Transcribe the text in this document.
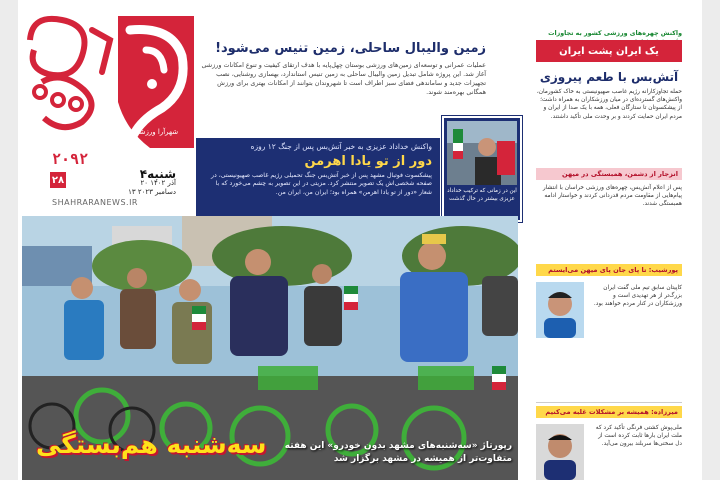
۲۰۹۲
۲۸	۴شنبه
۲۰ آذر ۱۴۰۲
۱۳ دسامبر ۲۰۲۳
SHAHRARANEWS.IR
شهرآرا ورزشی
زمین والیبال ساحلی، زمین تنیس می‌شود!

عملیات عمرانی و توسعه‌ای زمین‌های ورزشی بوستان چهل‌پایه با هدف ارتقای کیفیت و تنوع امکانات ورزشی آغاز شد. این پروژه شامل تبدیل زمین والیبال ساحلی به زمین تنیس استاندارد، بهسازی روشنایی، نصب تجهیزات جدید و ساماندهی فضای سبز اطراف است تا شهروندان بتوانند از امکانات بهتری برای ورزش همگانی بهره‌مند شوند.

واکنش خداداد عزیزی به خبر آتش‌بس پس از جنگ ۱۲ روزه
دور از تو یادا اهرمن

پیشکسوت فوتبال مشهد پس از خبر آتش‌بس جنگ تحمیلی رژیم غاصب صهیونیستی، در صفحه شخصی‌اش یک تصویر منتشر کرد. مزیتی در این تصویر به چشم می‌خورد که با شعار «دور از تو یادا اهرمن» همراه بود؛ ایران من، ایران من.	این در زمانی که ترکیب خداداد عزیزی بیشتر در حال گذشت
رپورتاژ «سه‌شنبه‌های مشهد بدون خودرو» این هفته متفاوت‌تر از همیشه در مشهد برگزار شد
سه‌شنبه هم‌بستگی
واکنش چهره‌های ورزشی کشور به تجاوزات
یک ایران پشت ایران
آتش‌بس با طعم پیروزی
حمله تجاوزکارانه رژیم غاصب صهیونیستی به خاک کشورمان، واکنش‌های گسترده‌ای در میان ورزشکاران به همراه داشت؛ از پیشکسوتان تا ستارگان فعلی، همه با یک صدا از ایران و مردم ایران حمایت کردند و بر وحدت ملی تأکید داشتند.
انزجار از دشمن، همبستگی در میهن
پس از اعلام آتش‌بس، چهره‌های ورزشی خراسان با انتشار پیام‌هایی از مقاومت مردم قدردانی کردند و خواستار ادامه همبستگی شدند.
پورشیب: تا پای جان پای میهن می‌ایستم
کاپیتان سابق تیم ملی گفت ایران بزرگ‌تر از هر تهدیدی است و ورزشکاران در کنار مردم خواهند بود.
میرزاده: همیشه بر مشکلات غلبه می‌کنیم
ملی‌پوش کشتی فرنگی تأکید کرد که ملت ایران بارها ثابت کرده است از دل سختی‌ها سربلند بیرون می‌آید.
